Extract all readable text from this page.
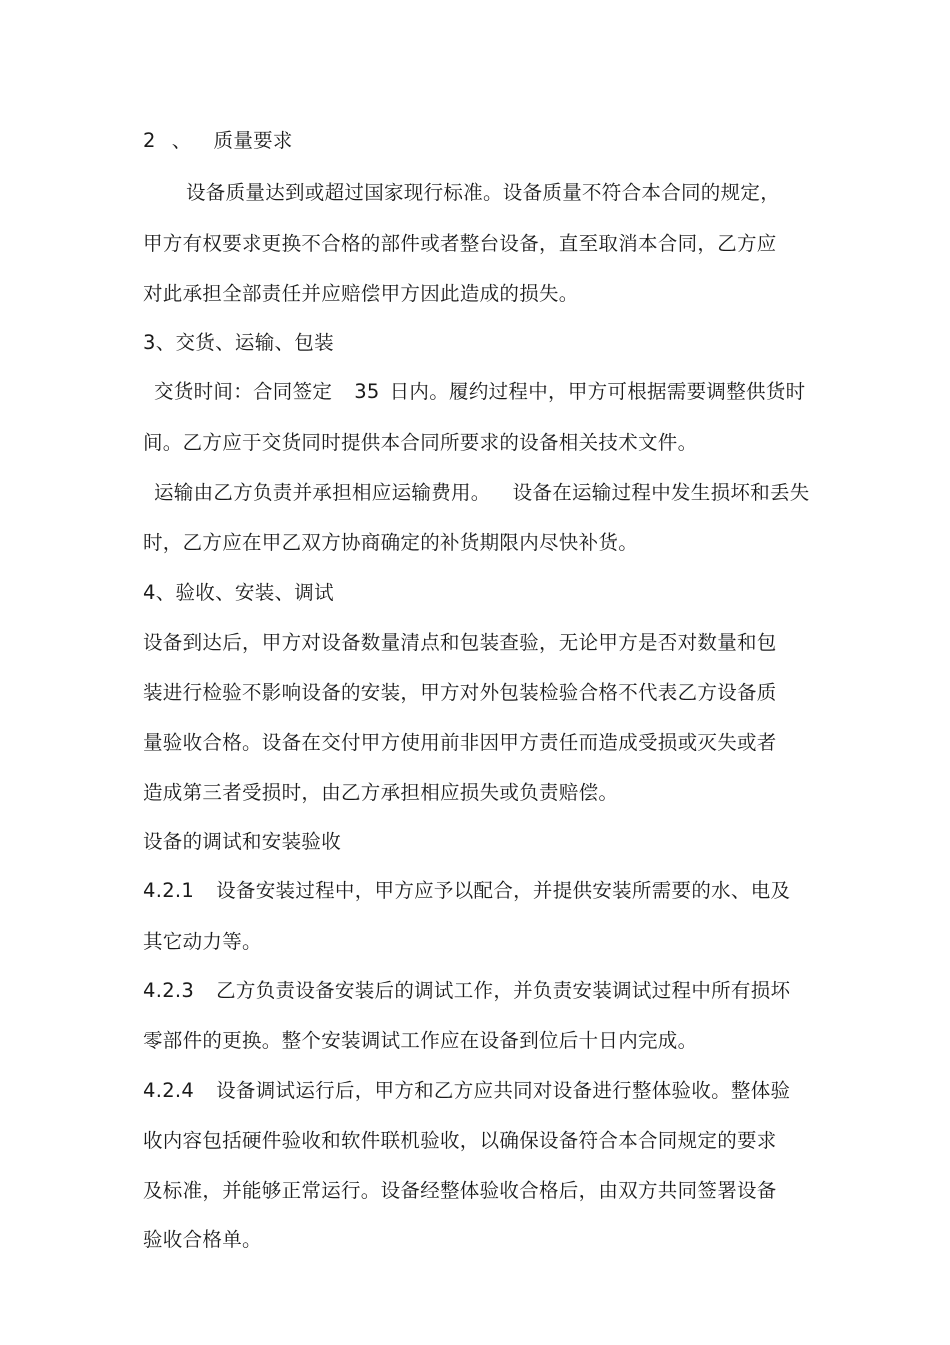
2 、 质量要求
设备质量达到或超过国家现行标准。设备质量不符合本合同的规定，
甲方有权要求更换不合格的部件或者整台设备，直至取消本合同，乙方应
对此承担全部责任并应赔偿甲方因此造成的损失。
3、交货、运输、包装
交货时间：合同签定 35 日内。履约过程中，甲方可根据需要调整供货时
间。乙方应于交货同时提供本合同所要求的设备相关技术文件。
运输由乙方负责并承担相应运输费用。 设备在运输过程中发生损坏和丢失
时，乙方应在甲乙双方协商确定的补货期限内尽快补货。
4、验收、安装、调试
设备到达后，甲方对设备数量清点和包装查验，无论甲方是否对数量和包
装进行检验不影响设备的安装，甲方对外包装检验合格不代表乙方设备质
量验收合格。设备在交付甲方使用前非因甲方责任而造成受损或灭失或者
造成第三者受损时，由乙方承担相应损失或负责赔偿。
设备的调试和安装验收
4.2.1 设备安装过程中，甲方应予以配合，并提供安装所需要的水、电及
其它动力等。
4.2.3 乙方负责设备安装后的调试工作，并负责安装调试过程中所有损坏
零部件的更换。整个安装调试工作应在设备到位后十日内完成。
4.2.4 设备调试运行后，甲方和乙方应共同对设备进行整体验收。整体验
收内容包括硬件验收和软件联机验收，以确保设备符合本合同规定的要求
及标准，并能够正常运行。设备经整体验收合格后，由双方共同签署设备
验收合格单。
